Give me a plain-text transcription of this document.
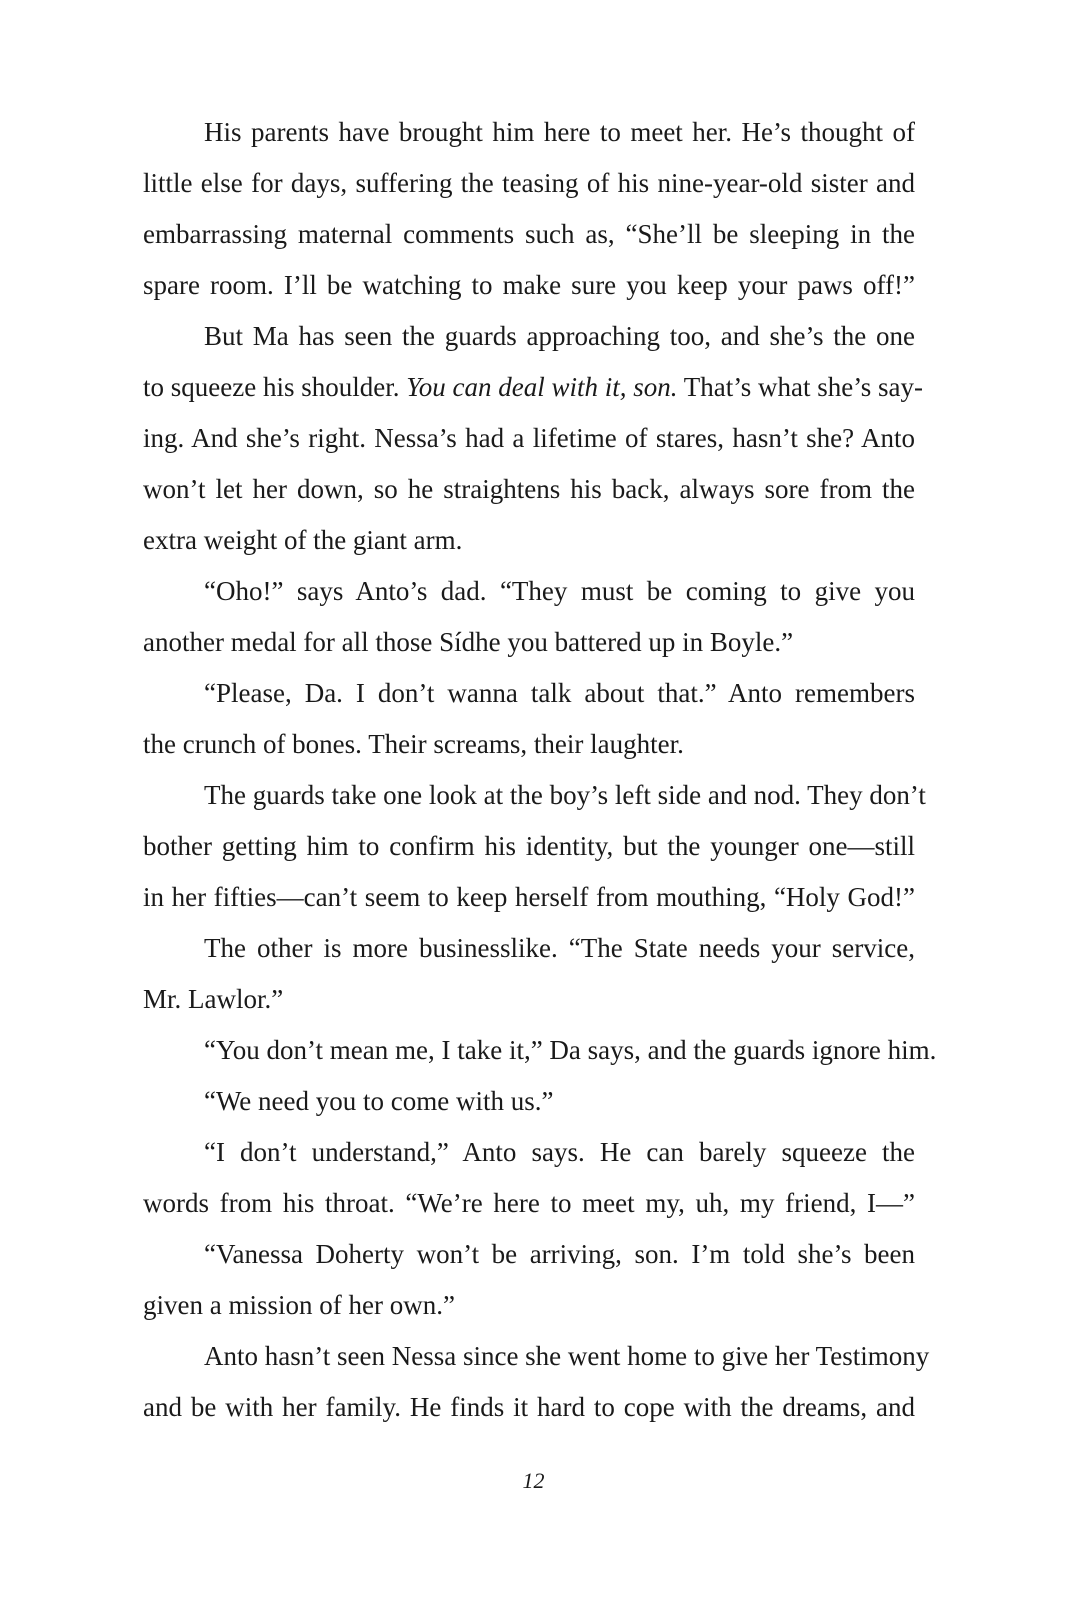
His parents have brought him here to meet her. He’s thought of
little else for days, suffering the teasing of his nine-year-old sister and
embarrassing maternal comments such as, “She’ll be sleeping in the
spare room. I’ll be watching to make sure you keep your paws off!”
But Ma has seen the guards approaching too, and she’s the one
to squeeze his shoulder. You can deal with it, son. That’s what she’s say-
ing. And she’s right. Nessa’s had a lifetime of stares, hasn’t she? Anto
won’t let her down, so he straightens his back, always sore from the
extra weight of the giant arm.
“Oho!” says Anto’s dad. “They must be coming to give you
another medal for all those Sídhe you battered up in Boyle.”
“Please, Da. I don’t wanna talk about that.” Anto remembers
the crunch of bones. Their screams, their laughter.
The guards take one look at the boy’s left side and nod. They don’t
bother getting him to confirm his identity, but the younger one—still
in her fifties—can’t seem to keep herself from mouthing, “Holy God!”
The other is more businesslike. “The State needs your service,
Mr. Lawlor.”
“You don’t mean me, I take it,” Da says, and the guards ignore him.
“We need you to come with us.”
“I don’t understand,” Anto says. He can barely squeeze the
words from his throat. “We’re here to meet my, uh, my friend, I—”
“Vanessa Doherty won’t be arriving, son. I’m told she’s been
given a mission of her own.”
Anto hasn’t seen Nessa since she went home to give her Testimony
and be with her family. He finds it hard to cope with the dreams, and
12
